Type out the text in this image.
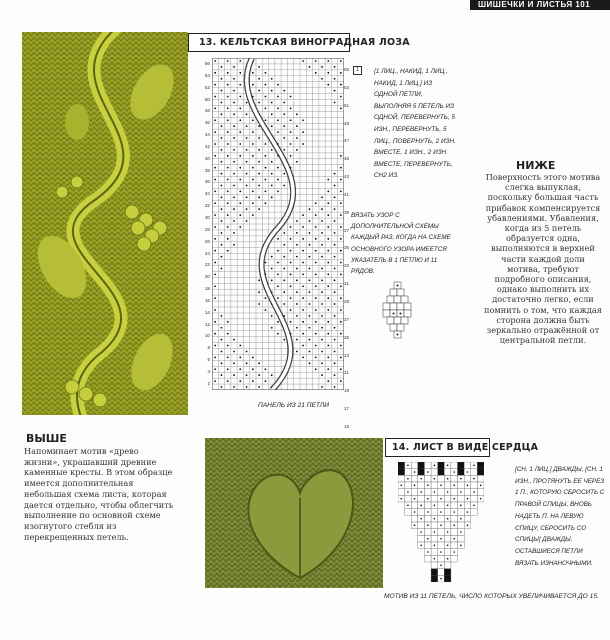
ШИШЕЧКИ И ЛИСТЬЯ 101
13. КЕЛЬТСКАЯ ВИНОГРАДНАЯ ЛОЗА
56
54
52
50
48
46
44
42
40
38
36
34
32
30
28
26
24
22
20
18
16
14
12
10
8
6
4
2
55
53
51
49
47
45
43
41
39
37
35
33
31
29
27
25
23
21
19
17
15
1	[1 ЛИЦ., НАКИД, 1 ЛИЦ., НАКИД, 1 ЛИЦ.] ИЗ ОДНОЙ ПЕТЛИ, ВЫПОЛНЯЯ 5 ПЕТЕЛЬ ИЗ ОДНОЙ, ПЕРЕВЕРНУТЬ, 5 ИЗН., ПЕРЕВЕРНУТЬ, 5 ЛИЦ., ПОВЕРНУТЬ, 2 ИЗН. ВМЕСТЕ, 1 ИЗН., 2 ИЗН. ВМЕСТЕ, ПЕРЕВЕРНУТЬ, СН2 ИЗ.
ВЯЗАТЬ УЗОР С ДОПОЛНИТЕЛЬНОЙ СХЕМЫ КАЖДЫЙ РАЗ, КОГДА НА СХЕМЕ ОСНОВНОГО УЗОРА ИМЕЕТСЯ УКАЗАТЕЛЬ В 1 ПЕТЛЮ И 11 РЯДОВ.
ПАНЕЛЬ ИЗ 21 ПЕТЛИ
НИЖЕ
Поверхность этого мотива слегка выпуклая, поскольку большая часть прибавок компенсируется убавлениями. Убавления, когда из 5 петель образуется одна, выполняются в верхней части каждой доли мотива, требуют подробного описания, однако выполнить их достаточно легко, если помнить о том, что каждая сторона должна быть зеркально отражённой от центральной петли.
ВЫШЕ
Напоминает мотив «древо жизни», украшавший древние каменные кресты. В этом образце имеется дополнительная небольшая схема листа, которая дается отдельно, чтобы облегчить выполнение по основной схеме изогнутого стебля из перекрещенных петель.
14. ЛИСТ В ВИДЕ СЕРДЦА
[СН. 1 ЛИЦ.] ДВАЖДЫ, [СН. 1 ИЗН., ПРОТЯНУТЬ ЕЕ ЧЕРЕЗ 1 П., КОТОРУЮ СБРОСИТЬ С ПРАВОЙ СПИЦЫ, ВНОВЬ НАДЕТЬ П. НА ЛЕВУЮ СПИЦУ, СБРОСИТЬ СО СПИЦЫ] ДВАЖДЫ, ОСТАВШИЕСЯ ПЕТЛИ ВЯЗАТЬ ИЗНАНОЧНЫМИ.
МОТИВ ИЗ 11 ПЕТЕЛЬ, ЧИСЛО КОТОРЫХ УВЕЛИЧИВАЕТСЯ ДО 15.
